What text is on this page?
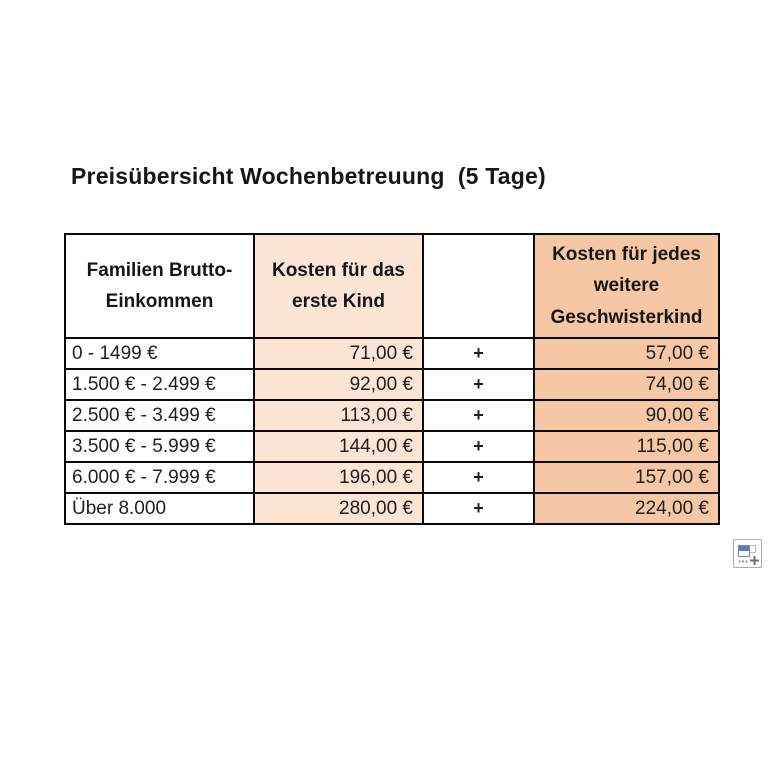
Preisübersicht Wochenbetreuung  (5 Tage)
Familien Brutto-Einkommen	Kosten für das erste Kind		Kosten für jedes weitere Geschwisterkind
0 - 1499 €	71,00 €	+	57,00 €
1.500 € - 2.499 €	92,00 €	+	74,00 €
2.500 € - 3.499 €	113,00 €	+	90,00 €
3.500 € - 5.999 €	144,00 €	+	115,00 €
6.000 € - 7.999 €	196,00 €	+	157,00 €
Über 8.000	280,00 €	+	224,00 €
